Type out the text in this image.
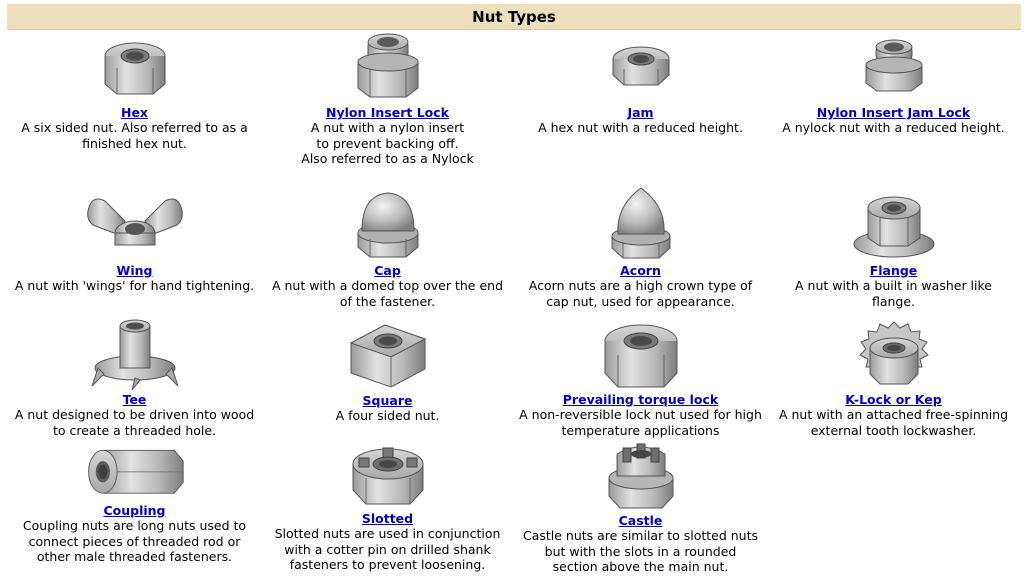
Nut Types
Hex
A six sided nut. Also referred to as a
finished hex nut.
Nylon Insert Lock
A nut with a nylon insert
to prevent backing off.
Also referred to as a Nylock
Jam
A hex nut with a reduced height.
Nylon Insert Jam Lock
A nylock nut with a reduced height.
Wing
A nut with 'wings' for hand tightening.
Cap
A nut with a domed top over the end
of the fastener.
Acorn
Acorn nuts are a high crown type of
cap nut, used for appearance.
Flange
A nut with a built in washer like
flange.
Tee
A nut designed to be driven into wood
to create a threaded hole.
Square
A four sided nut.
Prevailing torque lock
A non-reversible lock nut used for high
temperature applications
K-Lock or Kep
A nut with an attached free-spinning
external tooth lockwasher.
Coupling
Coupling nuts are long nuts used to
connect pieces of threaded rod or
other male threaded fasteners.
Slotted
Slotted nuts are used in conjunction
with a cotter pin on drilled shank
fasteners to prevent loosening.
Castle
Castle nuts are similar to slotted nuts
but with the slots in a rounded
section above the main nut.
